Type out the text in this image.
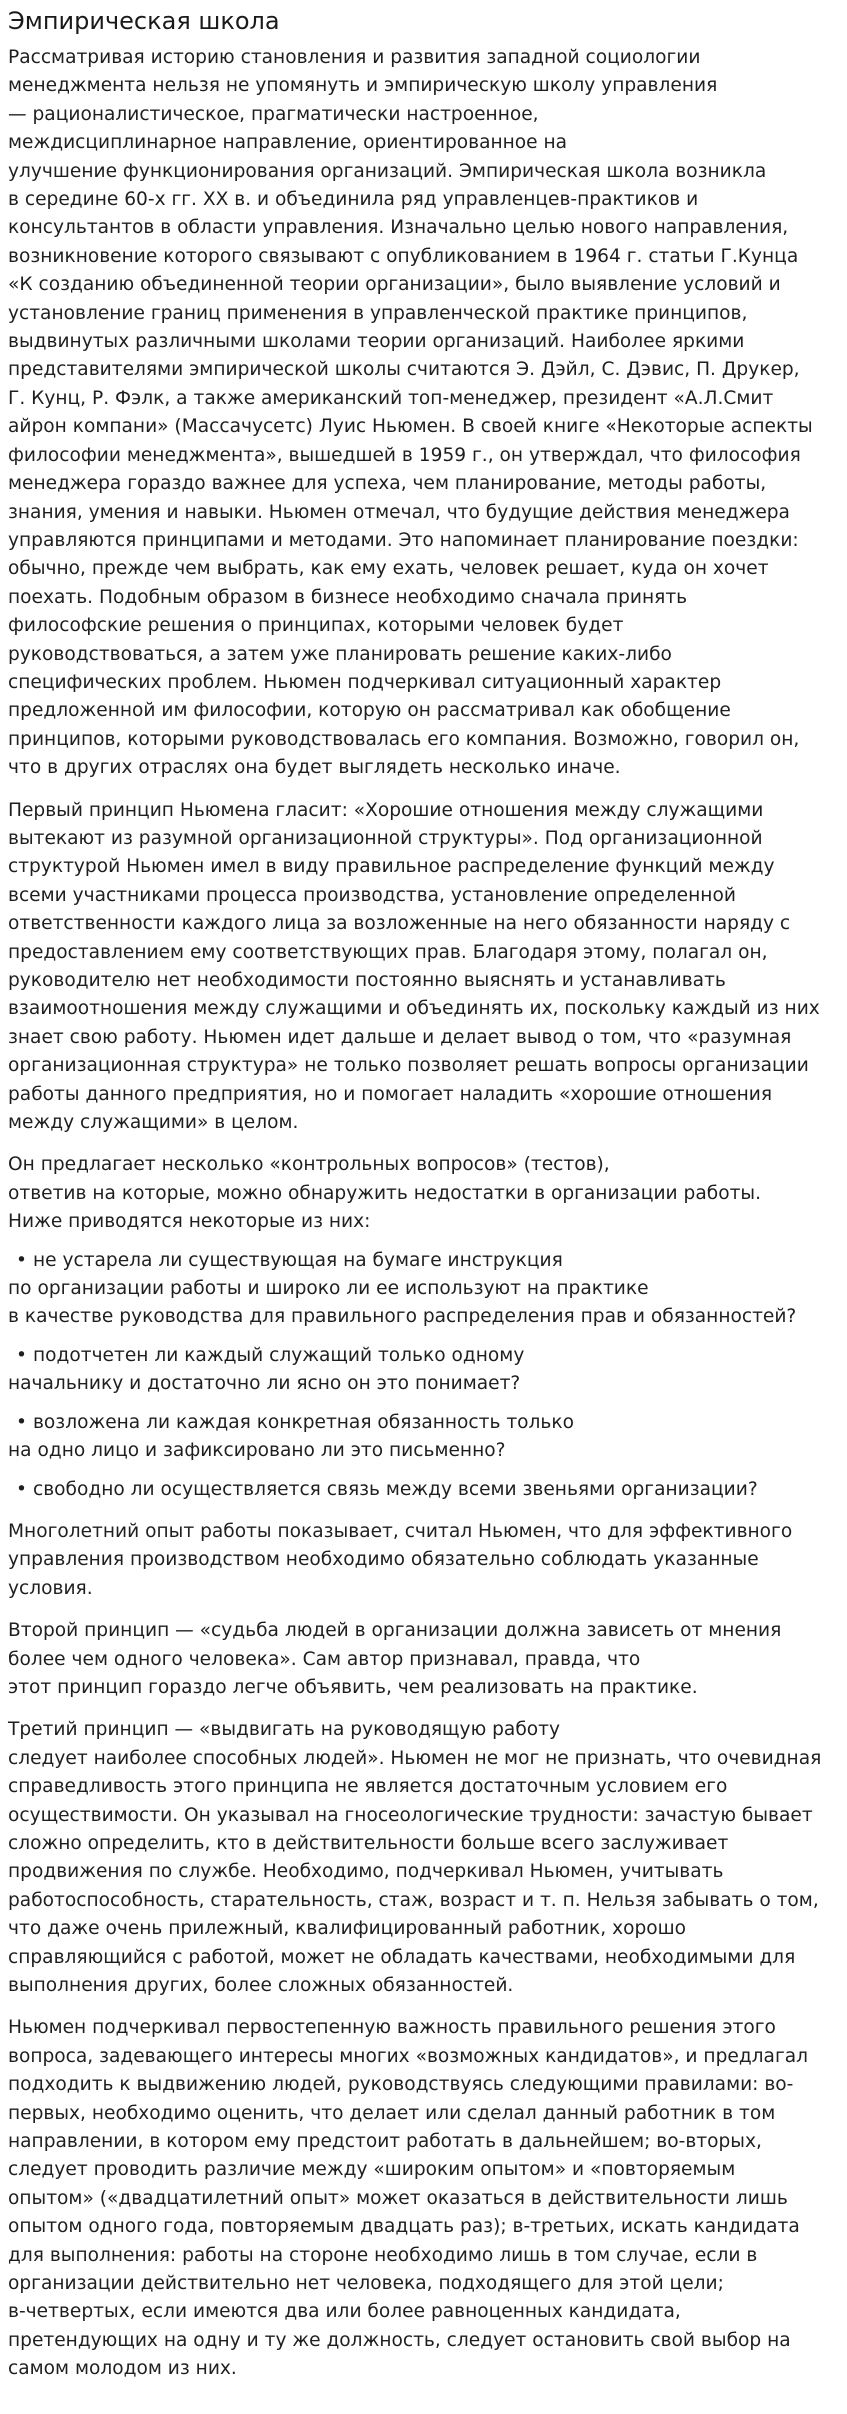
Эмпирическая школа

Рассматривая историю становления и развития западной социологии
менеджмента нельзя не упомянуть и эмпирическую школу управления
— рационалистическое, прагматически настроенное,
междисциплинарное направление, ориентированное на
улучшение функционирования организаций. Эмпирическая школа возникла
в середине 60-х гг. XX в. и объединила ряд управленцев-практиков и
консультантов в области управления. Изначально целью нового направления,
возникновение которого связывают с опубликованием в 1964 г. статьи Г.Кунца
«К созданию объединенной теории организации», было выявление условий и
установление границ применения в управленческой практике принципов,
выдвинутых различными школами теории организаций. Наиболее яркими
представителями эмпирической школы считаются Э. Дэйл, С. Дэвис, П. Друкер,
Г. Кунц, Р. Фэлк, а также американский топ-менеджер, президент «А.Л.Смит
айрон компани» (Массачусетс) Луис Ньюмен. В своей книге «Некоторые аспекты
философии менеджмента», вышедшей в 1959 г., он утверждал, что философия
менеджера гораздо важнее для успеха, чем планирование, методы работы,
знания, умения и навыки. Ньюмен отмечал, что будущие действия менеджера
управляются принципами и методами. Это напоминает планирование поездки:
обычно, прежде чем выбрать, как ему ехать, человек решает, куда он хочет
поехать. Подобным образом в бизнесе необходимо сначала принять
философские решения о принципах, которыми человек будет
руководствоваться, а затем уже планировать решение каких-либо
специфических проблем. Ньюмен подчеркивал ситуационный характер
предложенной им философии, которую он рассматривал как обобщение
принципов, которыми руководствовалась его компания. Возможно, говорил он,
что в других отраслях она будет выглядеть несколько иначе.

Первый принцип Ньюмена гласит: «Хорошие отношения между служащими
вытекают из разумной организационной структуры». Под организационной
структурой Ньюмен имел в виду правильное распределение функций между
всеми участниками процесса производства, установление определенной
ответственности каждого лица за возложенные на него обязанности наряду с
предоставлением ему соответствующих прав. Благодаря этому, полагал он,
руководителю нет необходимости постоянно выяснять и устанавливать
взаимоотношения между служащими и объединять их, поскольку каждый из них
знает свою работу. Ньюмен идет дальше и делает вывод о том, что «разумная
организационная структура» не только позволяет решать вопросы организации
работы данного предприятия, но и помогает наладить «хорошие отношения
между служащими» в целом.

Он предлагает несколько «контрольных вопросов» (тестов),
ответив на которые, можно обнаружить недостатки в организации работы.
Ниже приводятся некоторые из них:

• не устарела ли существующая на бумаге инструкция
по организации работы и широко ли ее используют на практике
в качестве руководства для правильного распределения прав и обязанностей?

• подотчетен ли каждый служащий только одному
начальнику и достаточно ли ясно он это понимает?

• возложена ли каждая конкретная обязанность только
на одно лицо и зафиксировано ли это письменно?

• свободно ли осуществляется связь между всеми звеньями организации?

Многолетний опыт работы показывает, считал Ньюмен, что для эффективного
управления производством необходимо обязательно соблюдать указанные
условия.

Второй принцип — «судьба людей в организации должна зависеть от мнения
более чем одного человека». Сам автор признавал, правда, что
этот принцип гораздо легче объявить, чем реализовать на практике.

Третий принцип — «выдвигать на руководящую работу
следует наиболее способных людей». Ньюмен не мог не признать, что очевидная
справедливость этого принципа не является достаточным условием его
осуществимости. Он указывал на гносеологические трудности: зачастую бывает
сложно определить, кто в действительности больше всего заслуживает
продвижения по службе. Необходимо, подчеркивал Ньюмен, учитывать
работоспособность, старательность, стаж, возраст и т. п. Нельзя забывать о том,
что даже очень прилежный, квалифицированный работник, хорошо
справляющийся с работой, может не обладать качествами, необходимыми для
выполнения других, более сложных обязанностей.

Ньюмен подчеркивал первостепенную важность правильного решения этого
вопроса, задевающего интересы многих «возможных кандидатов», и предлагал
подходить к выдвижению людей, руководствуясь следующими правилами: во-
первых, необходимо оценить, что делает или сделал данный работник в том
направлении, в котором ему предстоит работать в дальнейшем; во-вторых,
следует проводить различие между «широким опытом» и «повторяемым
опытом» («двадцатилетний опыт» может оказаться в действительности лишь
опытом одного года, повторяемым двадцать раз); в-третьих, искать кандидата
для выполнения: работы на стороне необходимо лишь в том случае, если в
организации действительно нет человека, подходящего для этой цели;
в-четвертых, если имеются два или более равноценных кандидата,
претендующих на одну и ту же должность, следует остановить свой выбор на
самом молодом из них.
